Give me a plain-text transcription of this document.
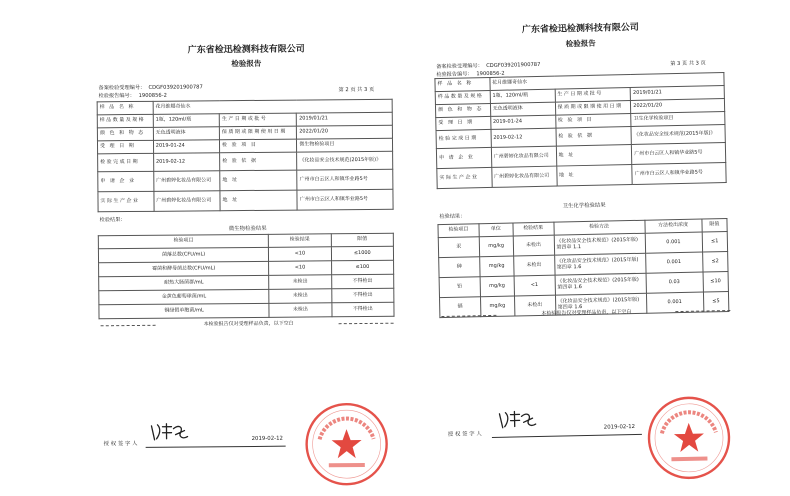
广东省检迅检测科技有限公司
检验报告
备案检验受理编号： CDGF039201900787
检验报告编号： 1900856-2
第 2 页 共 3 页
样 品 名 称	花月维娜奇仙水		
样品数量及规格	1瓶，120ml/瓶	生产日期或批号	2019/01/21
颜 色 和 物 态	无色透明液体	保质期或限期使用日期	2022/01/20
受 理 日 期	2019-01-24	检 验 项 目	微生物检验项目
检验完成日期	2019-02-12	检 验 依 据	《化妆品安全技术规范(2015年版)》
申 请 企 业	广州碧婷化妆品有限公司	地 址	广州市白云区人和镇华业路5号
实际生产企业	广州碧婷化妆品有限公司	地 址	广州市白云区人和镇华业路5号
检验结果：
微生物检验结果
检验项目	检验结果	限值
菌落总数(CFU/mL)	<10	≤1000
霉菌和酵母菌总数(CFU/mL)	<10	≤100
耐热大肠菌群/mL	未检出	不得检出
金黄色葡萄球菌/mL	未检出	不得检出
铜绿假单胞菌/mL	未检出	不得检出
本检验报告仅对受理样品负责，以下空白
授 权 签 字 人
2019-02-12
广东省检迅检测科技有限公司
检验报告
备案检验受理编号： CDGF039201900787
检验报告编号： 1900856-2
第 3 页 共 3 页
样 品 名 称	花月维娜奇仙水		
样品数量及规格	1瓶，120ml/瓶	生产日期或批号	2019/01/21
颜 色 和 物 态	无色透明液体	保质期或限期使用日期	2022/01/20
受 理 日 期	2019-01-24	检 验 项 目	卫生化学检验项目
检验完成日期	2019-02-12	检 验 依 据	《化妆品安全技术规范(2015年版)》
申 请 企 业	广州碧婷化妆品有限公司	地 址	广州市白云区人和镇华业路5号
实际生产企业	广州碧婷化妆品有限公司	地 址	广州市白云区人和镇华业路5号
检验结果：
卫生化学检验结果
检验项目	单位	检验结果	检验方法	方法检出浓度	限值
汞	mg/kg	未检出	《化妆品安全技术规范》(2015年版) 第四章 1.1	0.001	≤1
砷	mg/kg	未检出	《化妆品安全技术规范》(2015年版) 第四章 1.6	0.001	≤2
铅	mg/kg	<1	《化妆品安全技术规范》(2015年版) 第四章 1.6	0.03	≤10
镉	mg/kg	未检出	《化妆品安全技术规范》(2015年版) 第四章 1.6	0.001	≤5
本检验报告仅对受理样品负责，以下空白
授 权 签 字 人
2019-02-12
